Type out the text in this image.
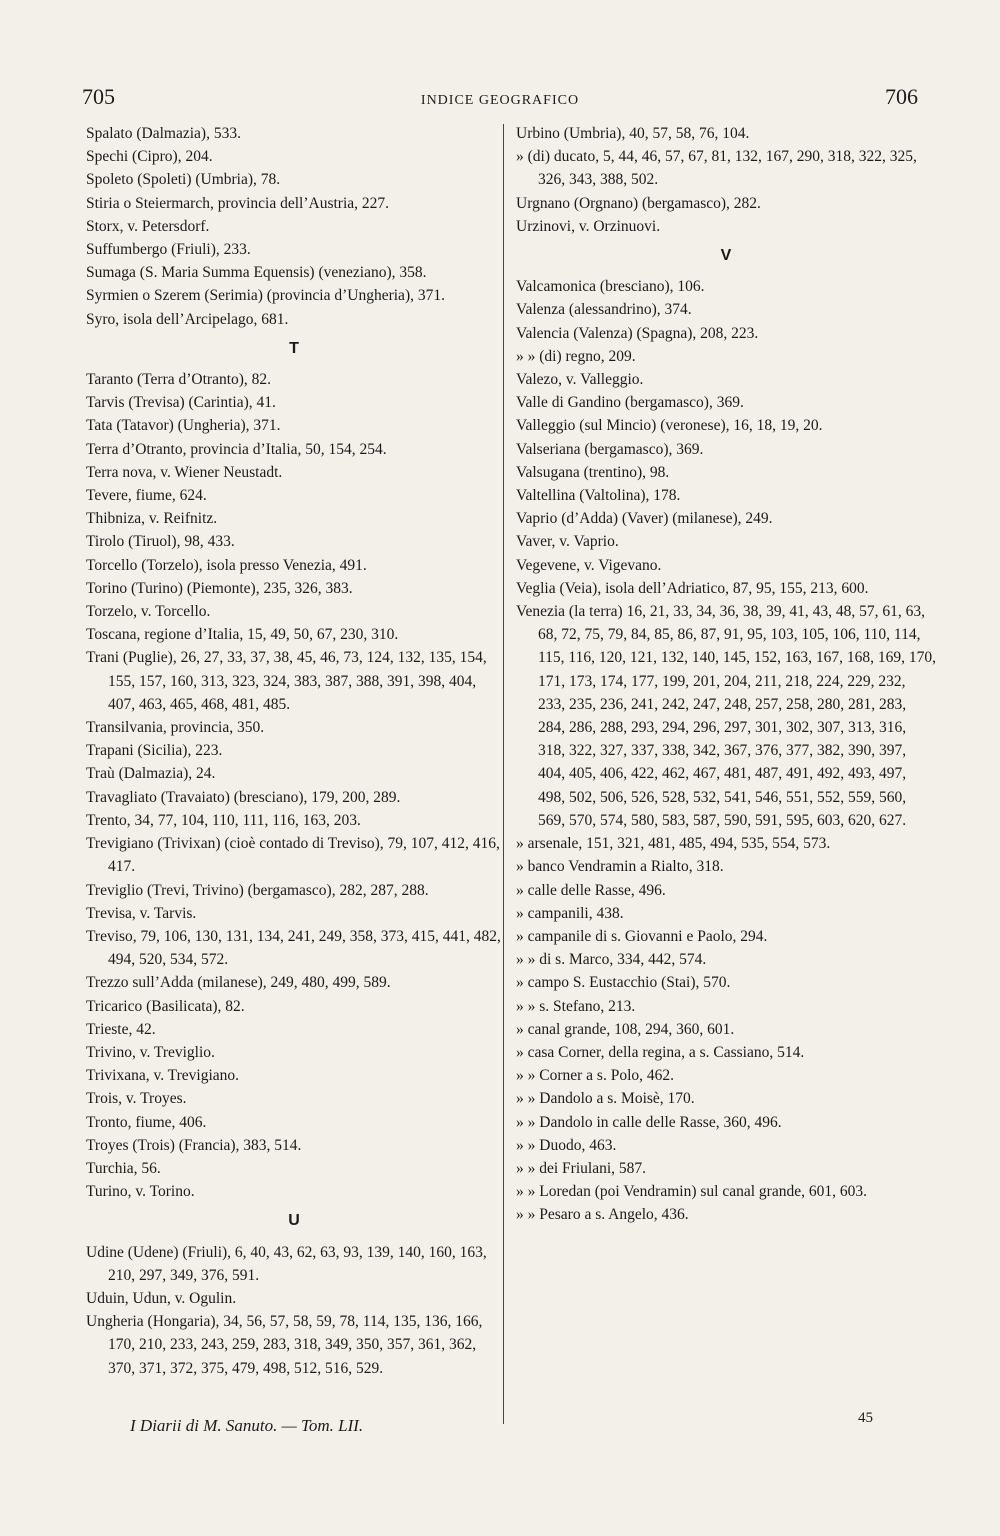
705	INDICE GEOGRAFICO	706
Spalato (Dalmazia), 533.
Spechi (Cipro), 204.
Spoleto (Spoleti) (Umbria), 78.
Stiria o Steiermarch, provincia dell’Austria, 227.
Storx, v. Petersdorf.
Suffumbergo (Friuli), 233.
Sumaga (S. Maria Summa Equensis) (veneziano), 358.
Syrmien o Szerem (Serimia) (provincia d’Ungheria), 371.
Syro, isola dell’Arcipelago, 681.
T
Taranto (Terra d’Otranto), 82.
Tarvis (Trevisa) (Carintia), 41.
Tata (Tatavor) (Ungheria), 371.
Terra d’Otranto, provincia d’Italia, 50, 154, 254.
Terra nova, v. Wiener Neustadt.
Tevere, fiume, 624.
Thibniza, v. Reifnitz.
Tirolo (Tiruol), 98, 433.
Torcello (Torzelo), isola presso Venezia, 491.
Torino (Turino) (Piemonte), 235, 326, 383.
Torzelo, v. Torcello.
Toscana, regione d’Italia, 15, 49, 50, 67, 230, 310.
Trani (Puglie), 26, 27, 33, 37, 38, 45, 46, 73, 124, 132, 135, 154, 155, 157, 160, 313, 323, 324, 383, 387, 388, 391, 398, 404, 407, 463, 465, 468, 481, 485.
Transilvania, provincia, 350.
Trapani (Sicilia), 223.
Traù (Dalmazia), 24.
Travagliato (Travaiato) (bresciano), 179, 200, 289.
Trento, 34, 77, 104, 110, 111, 116, 163, 203.
Trevigiano (Trivixan) (cioè contado di Treviso), 79, 107, 412, 416, 417.
Treviglio (Trevi, Trivino) (bergamasco), 282, 287, 288.
Trevisa, v. Tarvis.
Treviso, 79, 106, 130, 131, 134, 241, 249, 358, 373, 415, 441, 482, 494, 520, 534, 572.
Trezzo sull’Adda (milanese), 249, 480, 499, 589.
Tricarico (Basilicata), 82.
Trieste, 42.
Trivino, v. Treviglio.
Trivixana, v. Trevigiano.
Trois, v. Troyes.
Tronto, fiume, 406.
Troyes (Trois) (Francia), 383, 514.
Turchia, 56.
Turino, v. Torino.
U
Udine (Udene) (Friuli), 6, 40, 43, 62, 63, 93, 139, 140, 160, 163, 210, 297, 349, 376, 591.
Uduin, Udun, v. Ogulin.
Ungheria (Hongaria), 34, 56, 57, 58, 59, 78, 114, 135, 136, 166, 170, 210, 233, 243, 259, 283, 318, 349, 350, 357, 361, 362, 370, 371, 372, 375, 479, 498, 512, 516, 529.
Urbino (Umbria), 40, 57, 58, 76, 104.
» (di) ducato, 5, 44, 46, 57, 67, 81, 132, 167, 290, 318, 322, 325, 326, 343, 388, 502.
Urgnano (Orgnano) (bergamasco), 282.
Urzinovi, v. Orzinuovi.
V
Valcamonica (bresciano), 106.
Valenza (alessandrino), 374.
Valencia (Valenza) (Spagna), 208, 223.
» » (di) regno, 209.
Valezo, v. Valleggio.
Valle di Gandino (bergamasco), 369.
Valleggio (sul Mincio) (veronese), 16, 18, 19, 20.
Valseriana (bergamasco), 369.
Valsugana (trentino), 98.
Valtellina (Valtolina), 178.
Vaprio (d’Adda) (Vaver) (milanese), 249.
Vaver, v. Vaprio.
Vegevene, v. Vigevano.
Veglia (Veia), isola dell’Adriatico, 87, 95, 155, 213, 600.
Venezia (la terra) 16, 21, 33, 34, 36, 38, 39, 41, 43, 48, 57, 61, 63, 68, 72, 75, 79, 84, 85, 86, 87, 91, 95, 103, 105, 106, 110, 114, 115, 116, 120, 121, 132, 140, 145, 152, 163, 167, 168, 169, 170, 171, 173, 174, 177, 199, 201, 204, 211, 218, 224, 229, 232, 233, 235, 236, 241, 242, 247, 248, 257, 258, 280, 281, 283, 284, 286, 288, 293, 294, 296, 297, 301, 302, 307, 313, 316, 318, 322, 327, 337, 338, 342, 367, 376, 377, 382, 390, 397, 404, 405, 406, 422, 462, 467, 481, 487, 491, 492, 493, 497, 498, 502, 506, 526, 528, 532, 541, 546, 551, 552, 559, 560, 569, 570, 574, 580, 583, 587, 590, 591, 595, 603, 620, 627.
» arsenale, 151, 321, 481, 485, 494, 535, 554, 573.
» banco Vendramin a Rialto, 318.
» calle delle Rasse, 496.
» campanili, 438.
» campanile di s. Giovanni e Paolo, 294.
» » di s. Marco, 334, 442, 574.
» campo S. Eustacchio (Stai), 570.
» » s. Stefano, 213.
» canal grande, 108, 294, 360, 601.
» casa Corner, della regina, a s. Cassiano, 514.
» » Corner a s. Polo, 462.
» » Dandolo a s. Moisè, 170.
» » Dandolo in calle delle Rasse, 360, 496.
» » Duodo, 463.
» » dei Friulani, 587.
» » Loredan (poi Vendramin) sul canal grande, 601, 603.
» » Pesaro a s. Angelo, 436.
I Diarii di M. Sanuto. — Tom. LII.	45
